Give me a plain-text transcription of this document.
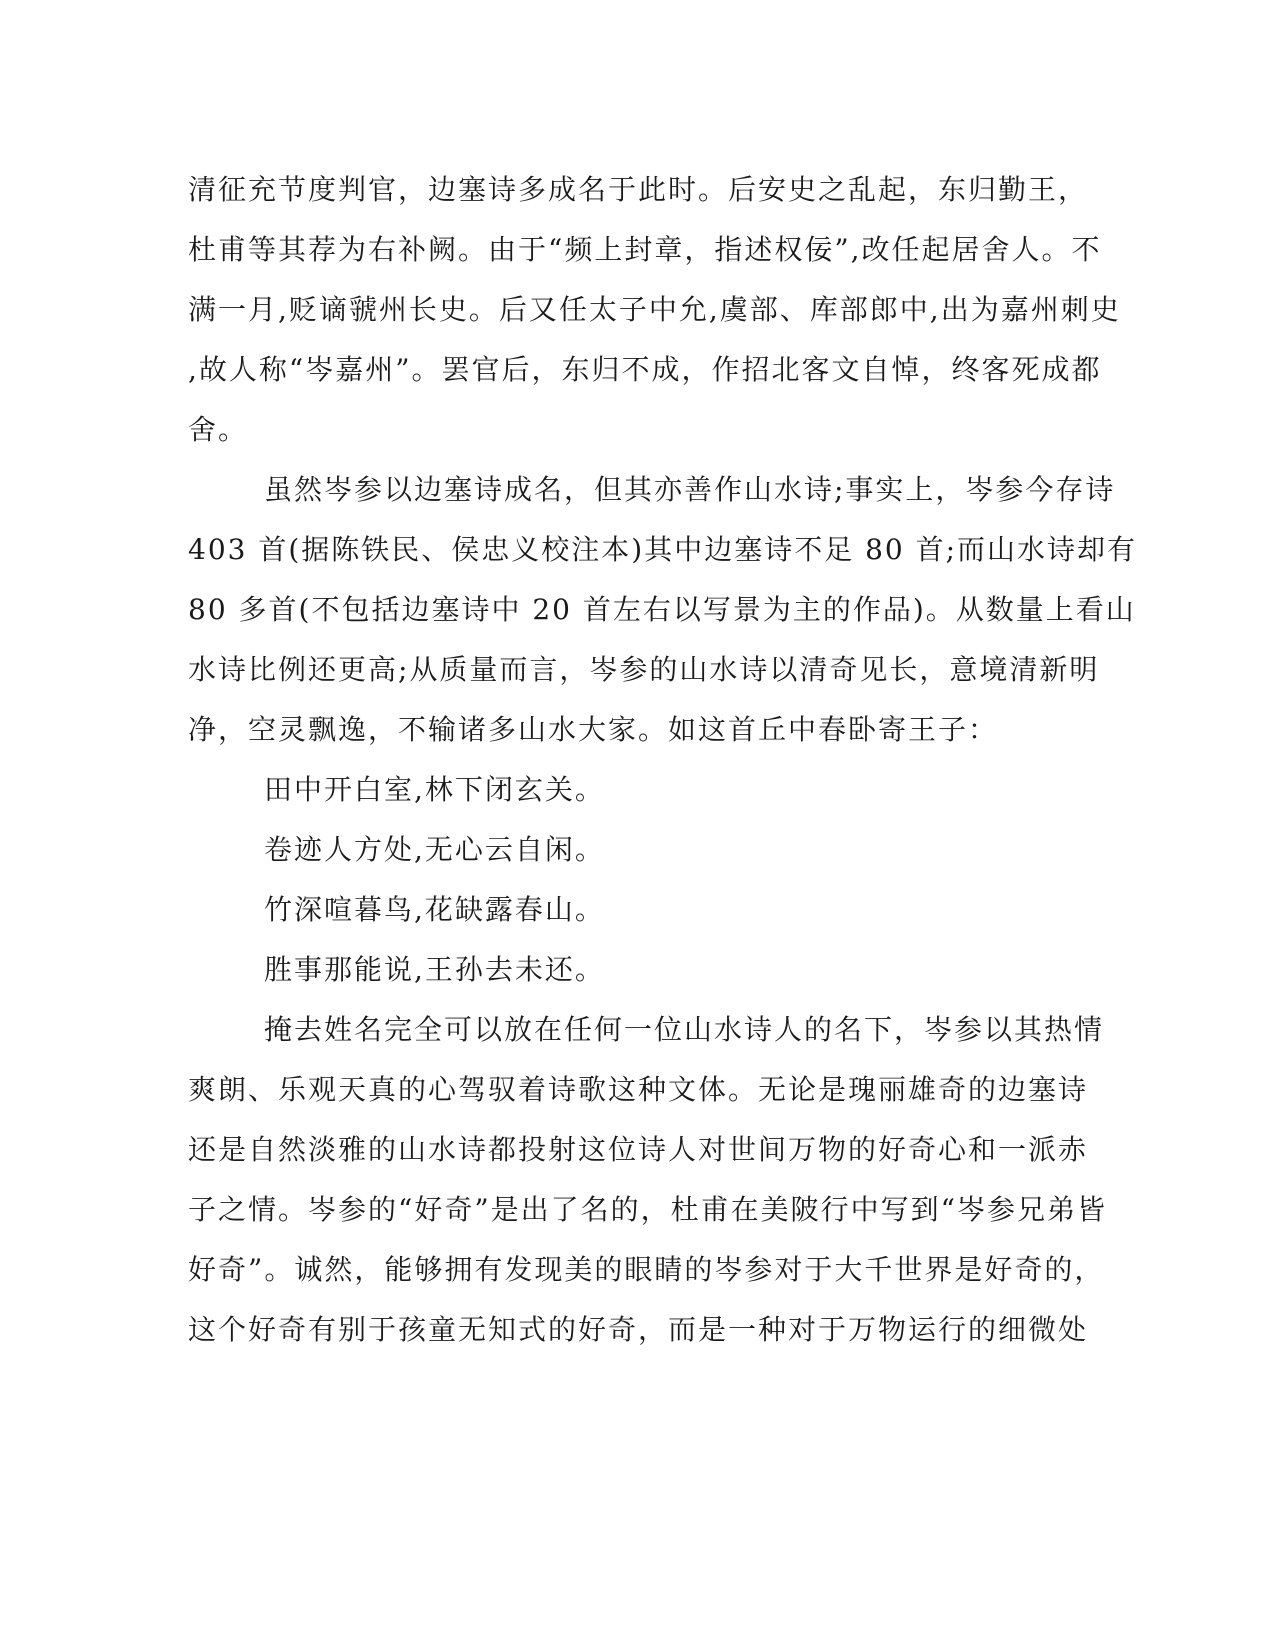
清征充节度判官，边塞诗多成名于此时。后安史之乱起，东归勤王，
杜甫等其荐为右补阙。由于“频上封章，指述权佞”,改任起居舍人。不
满一月,贬谪虢州长史。后又任太子中允,虞部、库部郎中,出为嘉州刺史
,故人称“岑嘉州”。罢官后，东归不成，作招北客文自悼，终客死成都
舍。
虽然岑参以边塞诗成名，但其亦善作山水诗;事实上，岑参今存诗
403 首(据陈铁民、侯忠义校注本)其中边塞诗不足 80 首;而山水诗却有
80 多首(不包括边塞诗中 20 首左右以写景为主的作品)。从数量上看山
水诗比例还更高;从质量而言，岑参的山水诗以清奇见长，意境清新明
净，空灵飘逸，不输诸多山水大家。如这首丘中春卧寄王子：
田中开白室,林下闭玄关。
卷迹人方处,无心云自闲。
竹深喧暮鸟,花缺露春山。
胜事那能说,王孙去未还。
掩去姓名完全可以放在任何一位山水诗人的名下，岑参以其热情
爽朗、乐观天真的心驾驭着诗歌这种文体。无论是瑰丽雄奇的边塞诗
还是自然淡雅的山水诗都投射这位诗人对世间万物的好奇心和一派赤
子之情。岑参的“好奇”是出了名的，杜甫在美陂行中写到“岑参兄弟皆
好奇”。诚然，能够拥有发现美的眼睛的岑参对于大千世界是好奇的，
这个好奇有别于孩童无知式的好奇，而是一种对于万物运行的细微处
